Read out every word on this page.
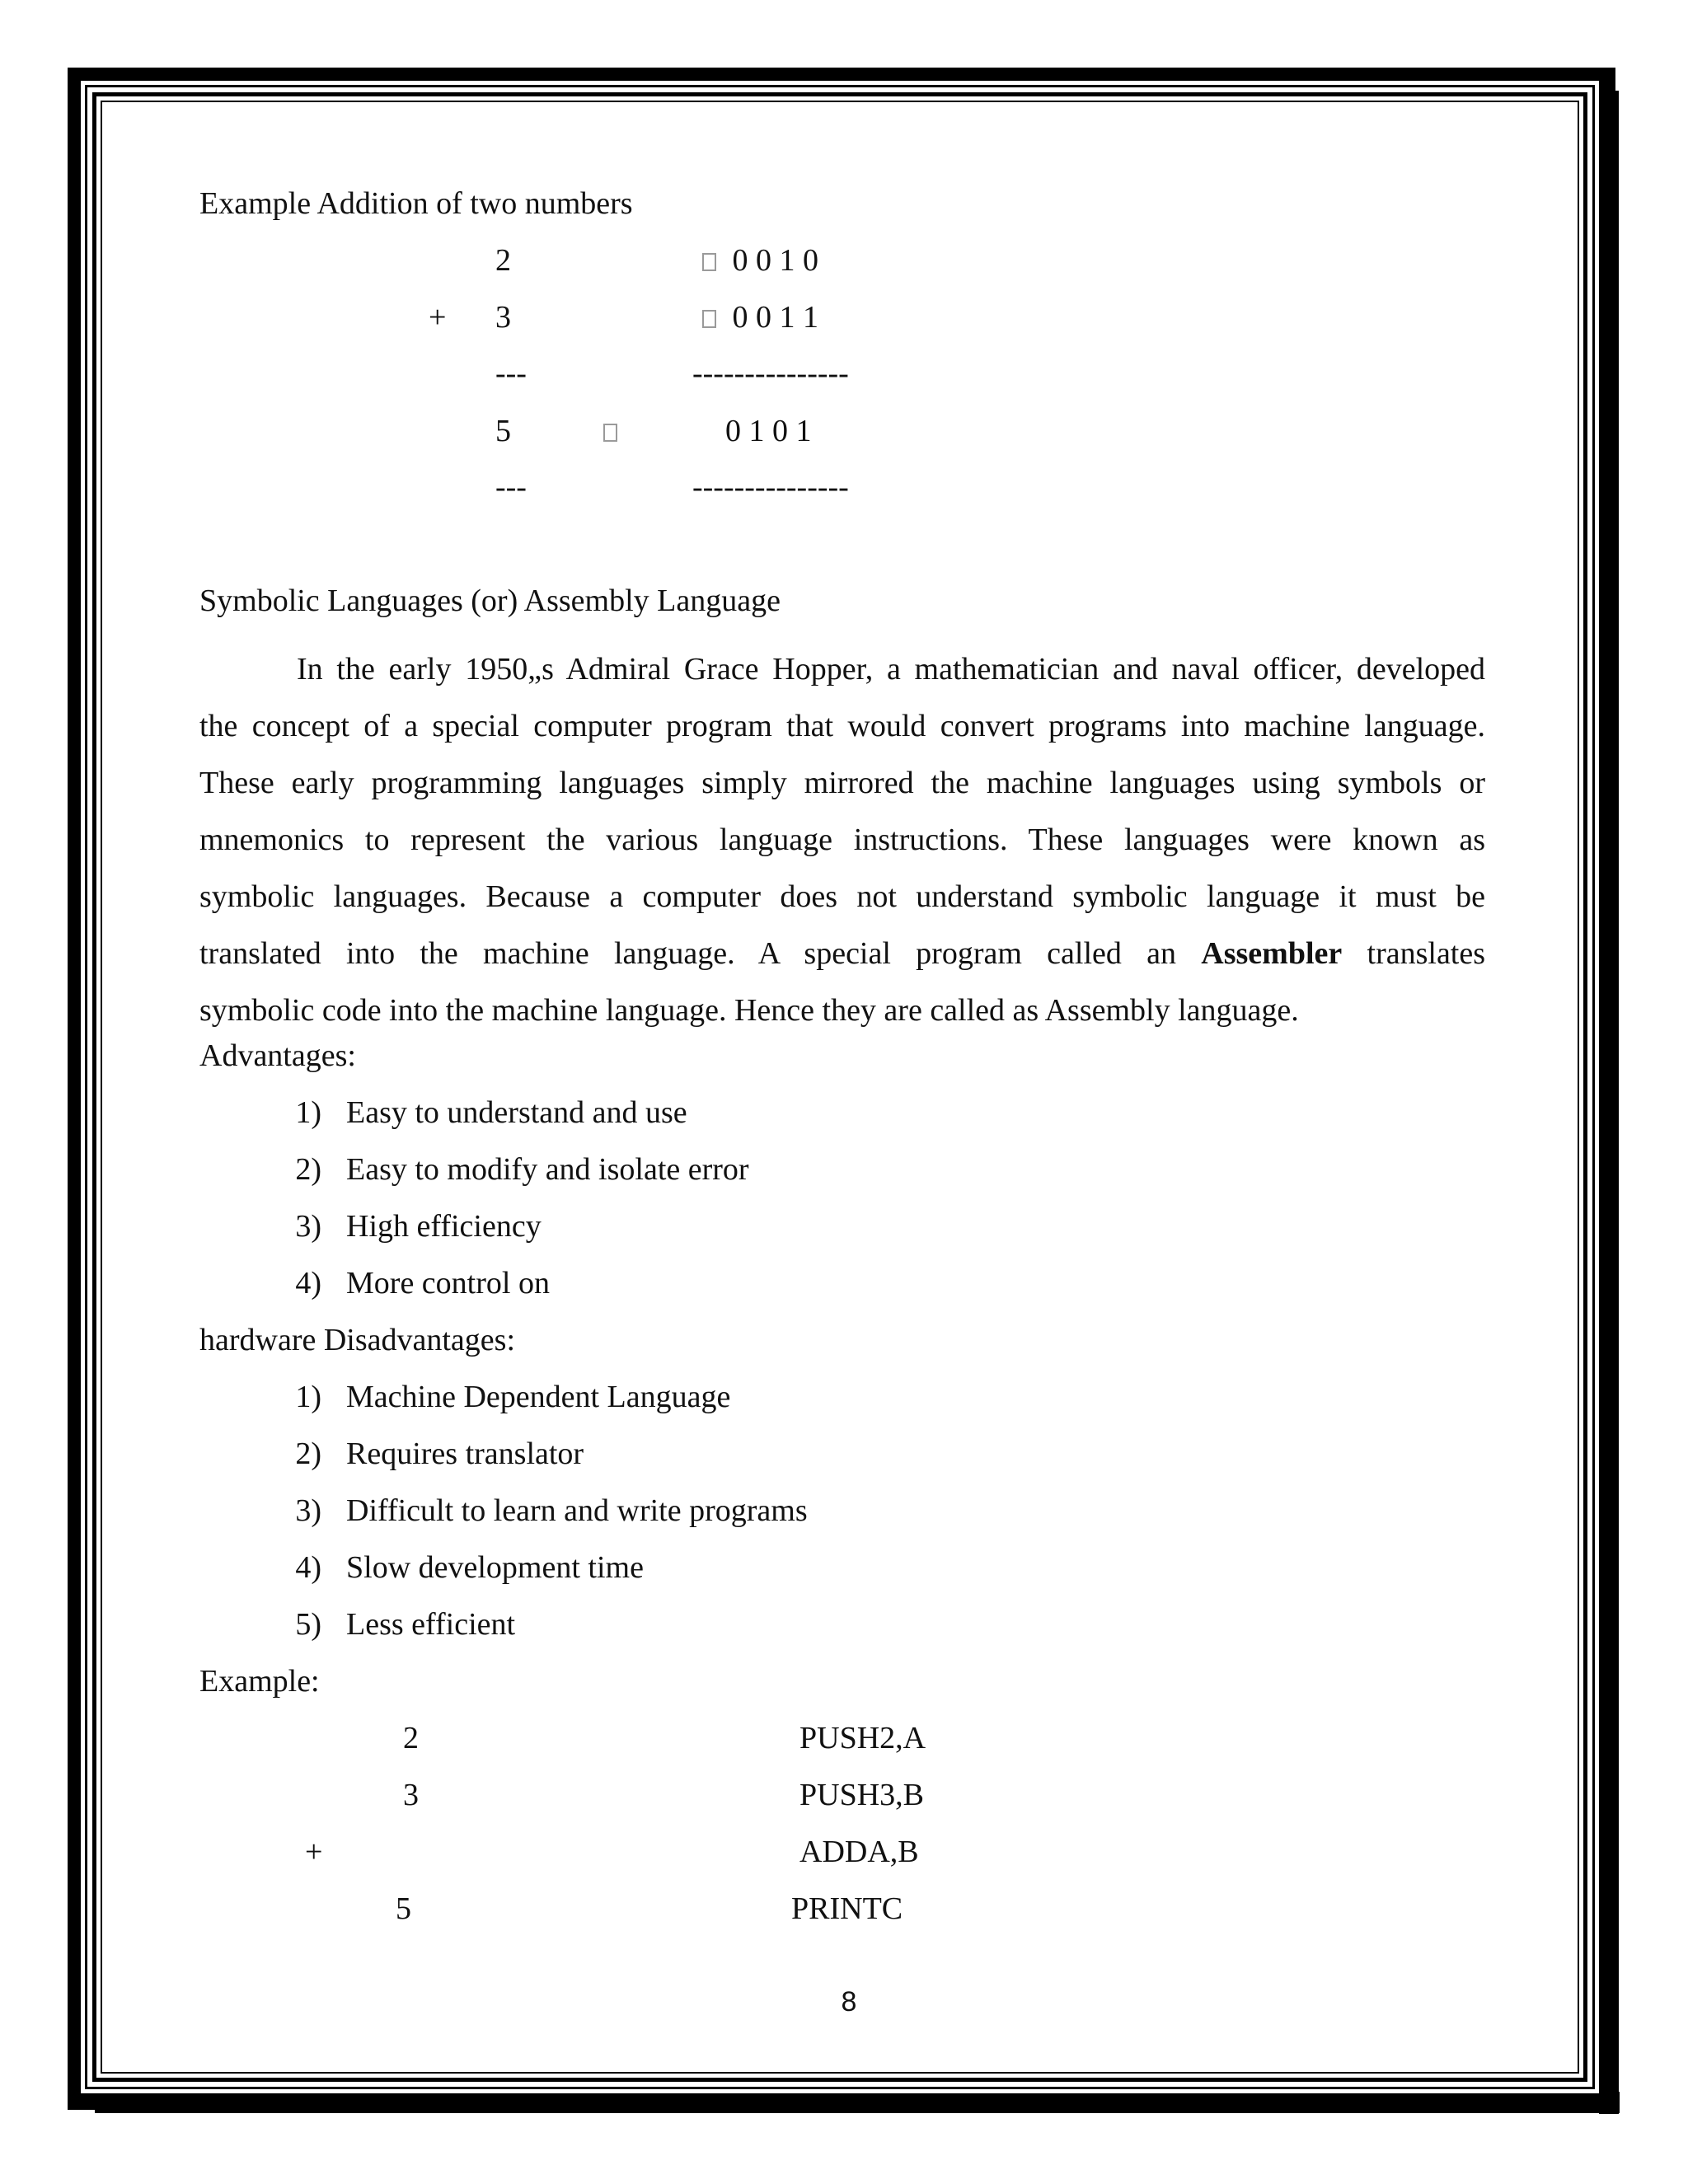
Example Addition of two numbers
2	0 0 1 0
+ 3	0 0 1 1
---	---------------
5	0 1 0 1
---	---------------
Symbolic Languages (or) Assembly Language
In the early 1950„s Admiral Grace Hopper, a mathematician and naval officer, developed
the concept of a special computer program that would convert programs into machine language.
These early programming languages simply mirrored the machine languages using symbols or
mnemonics to represent the various language instructions. These languages were known as
symbolic languages. Because a computer does not understand symbolic language it must be
translated into the machine language. A special program called an Assembler translates
symbolic code into the machine language. Hence they are called as Assembly language.
Advantages:
1) Easy to understand and use
2) Easy to modify and isolate error
3) High efficiency
4) More control on
hardware Disadvantages:
1) Machine Dependent Language
2) Requires translator
3) Difficult to learn and write programs
4) Slow development time
5) Less efficient
Example:
2	PUSH2,A
3	PUSH3,B
+	ADDA,B
5	PRINTC
8
